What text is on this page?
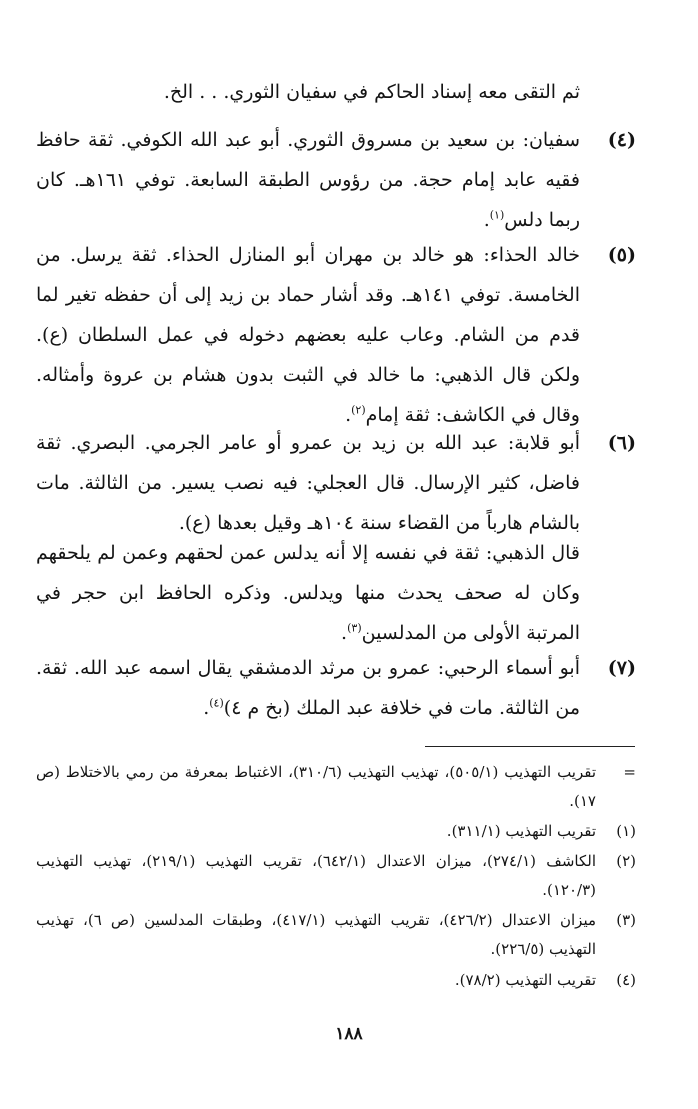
ثم التقى معه إسناد الحاكم في سفيان الثوري. . . الخ.
(٤)
سفيان: بن سعيد بن مسروق الثوري. أبو عبد الله الكوفي. ثقة حافظ فقيه عابد إمام حجة. من رؤوس الطبقة السابعة. توفي ١٦١هـ. كان ربما دلس$^{(١)}$.
(٥)
خالد الحذاء: هو خالد بن مهران أبو المنازل الحذاء. ثقة يرسل. من الخامسة. توفي ١٤١هـ. وقد أشار حماد بن زيد إلى أن حفظه تغير لما قدم من الشام. وعاب عليه بعضهم دخوله في عمل السلطان (ع). ولكن قال الذهبي: ما خالد في الثبت بدون هشام بن عروة وأمثاله. وقال في الكاشف: ثقة إمام$^{(٢)}$.
(٦)
أبو قلابة: عبد الله بن زيد بن عمرو أو عامر الجرمي. البصري. ثقة فاضل، كثير الإرسال. قال العجلي: فيه نصب يسير. من الثالثة. مات بالشام هارباً من القضاء سنة ١٠٤هـ وقيل بعدها (ع).
قال الذهبي: ثقة في نفسه إلا أنه يدلس عمن لحقهم وعمن لم يلحقهم وكان له صحف يحدث منها ويدلس. وذكره الحافظ ابن حجر في المرتبة الأولى من المدلسين$^{(٣)}$.
(٧)
أبو أسماء الرحبي: عمرو بن مرثد الدمشقي يقال اسمه عبد الله. ثقة. من الثالثة. مات في خلافة عبد الملك (بخ م ٤)$^{(٤)}$.
=
تقريب التهذيب (٥٠٥/١)، تهذيب التهذيب (٣١٠/٦)، الاغتباط بمعرفة من رمي بالاختلاط (ص ١٧).
(١)
تقريب التهذيب (٣١١/١).
(٢)
الكاشف (٢٧٤/١)، ميزان الاعتدال (٦٤٢/١)، تقريب التهذيب (٢١٩/١)، تهذيب التهذيب (١٢٠/٣).
(٣)
ميزان الاعتدال (٤٢٦/٢)، تقريب التهذيب (٤١٧/١)، وطبقات المدلسين (ص ٦)، تهذيب التهذيب (٢٢٦/٥).
(٤)
تقريب التهذيب (٧٨/٢).
١٨٨
